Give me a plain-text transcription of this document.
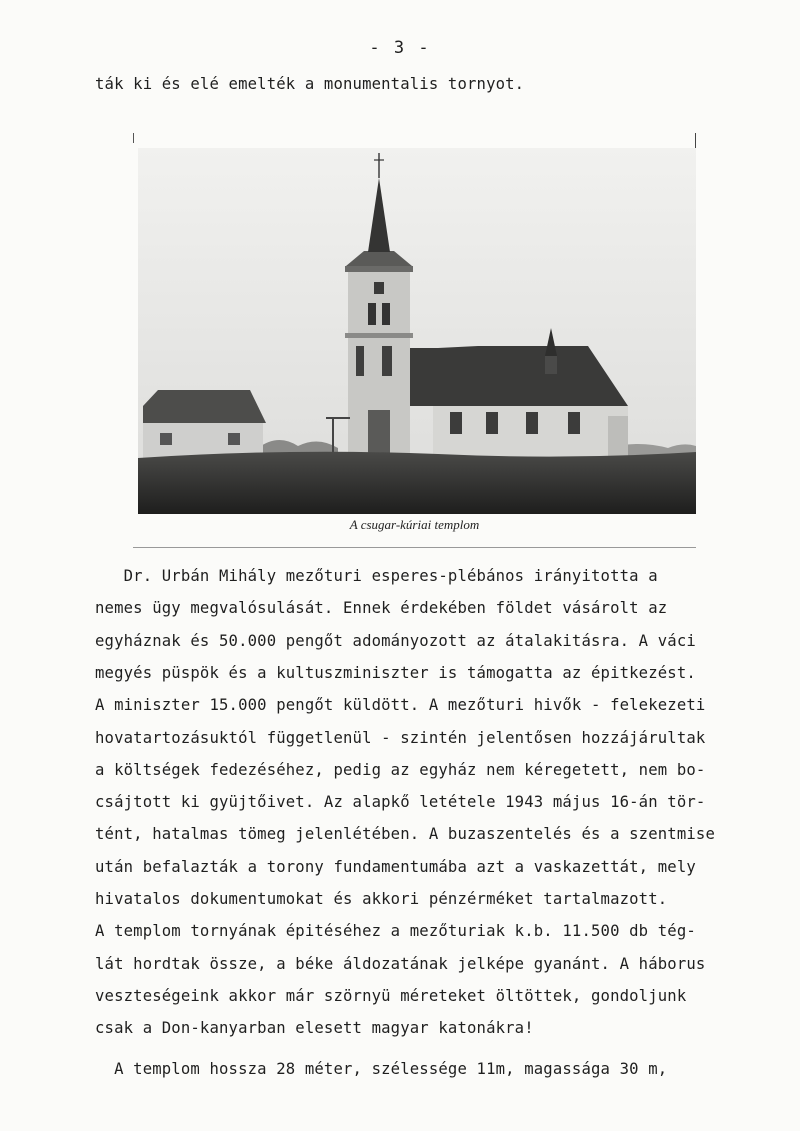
- 3 -
ták ki és elé emelték a monumentalis tornyot.
A csugar-kúriai templom
Dr. Urbán Mihály mezőturi esperes-plébános irányitotta a
nemes ügy megvalósulását. Ennek érdekében földet vásárolt az
egyháznak és 50.000 pengőt adományozott az átalakitásra. A váci
megyés püspök és a kultuszminiszter is támogatta az épitkezést.
A miniszter 15.000 pengőt küldött. A mezőturi hivők - felekezeti
hovatartozásuktól függetlenül - szintén jelentősen hozzájárultak
a költségek fedezéséhez, pedig az egyház nem kéregetett, nem bo-
csájtott ki gyüjtőivet. Az alapkő letétele 1943 május 16-án tör-
tént, hatalmas tömeg jelenlétében. A buzaszentelés és a szentmise
után befalazták a torony fundamentumába azt a vaskazettát, mely
hivatalos dokumentumokat és akkori pénzérméket tartalmazott.
A templom tornyának épitéséhez a mezőturiak k.b. 11.500 db tég-
lát hordtak össze, a béke áldozatának jelképe gyanánt. A háborus
veszteségeink akkor már szörnyü méreteket öltöttek, gondoljunk
csak a Don-kanyarban elesett magyar katonákra!
A templom hossza 28 méter, szélessége 11m, magassága 30 m,
